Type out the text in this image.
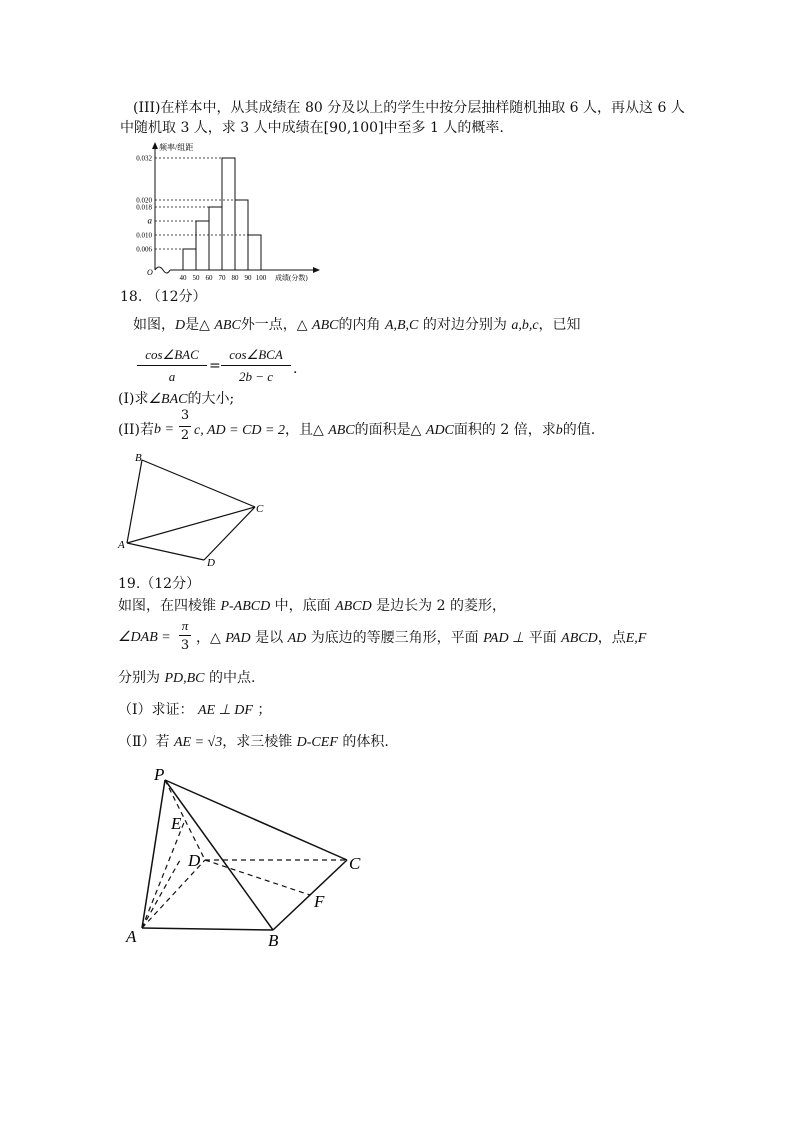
(III)在样本中，从其成绩在 80 分及以上的学生中按分层抽样随机抽取 6 人，再从这 6 人
中随机取 3 人，求 3 人中成绩在[90,100]中至多 1 人的概率.
频率/组距
成绩(分数)
O
0.032
0.020
0.018
a
0.010
0.006
40 50 60 70 80 90 100
18. （12分）
如图，D是△ ABC外一点，△ ABC的内角 A,B,C 的对边分别为 a,b,c，已知
cos∠BAC
a
=
cos∠BCA
2b − c	.
(I)求∠BAC的大小;
(II)若 b =
3
2 c, AD = CD = 2，且△ ABC的面积是△ ADC面积的 2 倍，求b的值.
B
A
C
D
19.（12分）
如图，在四棱锥 P-ABCD 中，底面 ABCD 是边长为 2 的菱形，
∠DAB =
π
3 ，△ PAD 是以 AD 为底边的等腰三角形，平面 PAD ⊥ 平面 ABCD，点E,F
分别为 PD,BC 的中点.
（I）求证： AE ⊥ DF ；
（Ⅱ）若 AE = √3，求三棱锥 D-CEF 的体积.
P
E
D	C
F
A	B
